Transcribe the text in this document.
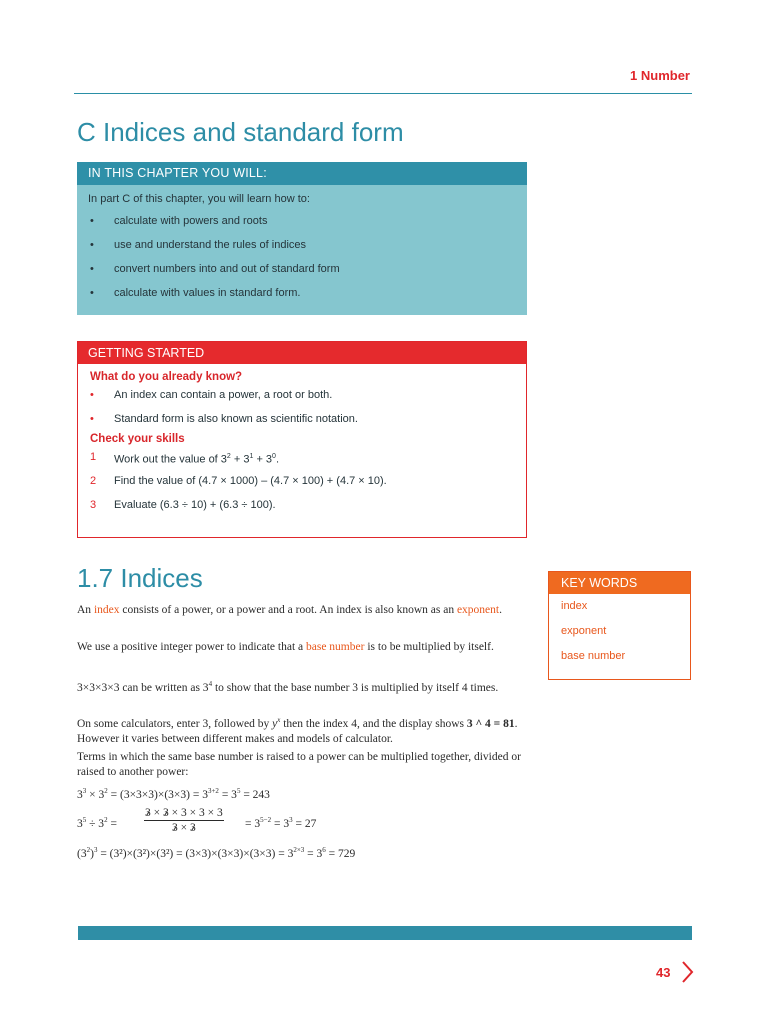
1 Number
C Indices and standard form
IN THIS CHAPTER YOU WILL:

In part C of this chapter, you will learn how to:

• calculate with powers and roots
• use and understand the rules of indices
• convert numbers into and out of standard form
• calculate with values in standard form.
GETTING STARTED
What do you already know?
• An index can contain a power, a root or both.
• Standard form is also known as scientific notation.
Check your skills
1 Work out the value of $3^2 + 3^1 + 3^0$.
2 Find the value of (4.7 × 1000) – (4.7 × 100) + (4.7 × 10).
3 Evaluate (6.3 ÷ 10) + (6.3 ÷ 100).
1.7 Indices

An index consists of a power, or a power and a root. An index is also known as an exponent.

We use a positive integer power to indicate that a base number is to be multiplied by itself.

3×3×3×3 can be written as $3^4$ to show that the base number 3 is multiplied by itself 4 times.

On some calculators, enter 3, followed by $y^x$ then the index 4, and the display shows 3 ^ 4 = 81. However it varies between different makes and models of calculator.

Terms in which the same base number is raised to a power can be multiplied together, divided or raised to another power:

$3^3 \times 3^2 = (3\times 3\times 3)\times(3\times 3) = 3^{3+2} = 3^5 = 243$
$3^5 \div 3^2$ =
3 × 3 × 3 × 3 × 3
3 × 3	= $3^{5-2} = 3^3 = 27$
$(3^2)^3 = (3^2)\times(3^2)\times(3^2) = (3\times 3)\times(3\times 3)\times(3\times 3) = 3^{2\times 3} = 3^6 = 729$
KEY WORDS
index
exponent
base number
43
